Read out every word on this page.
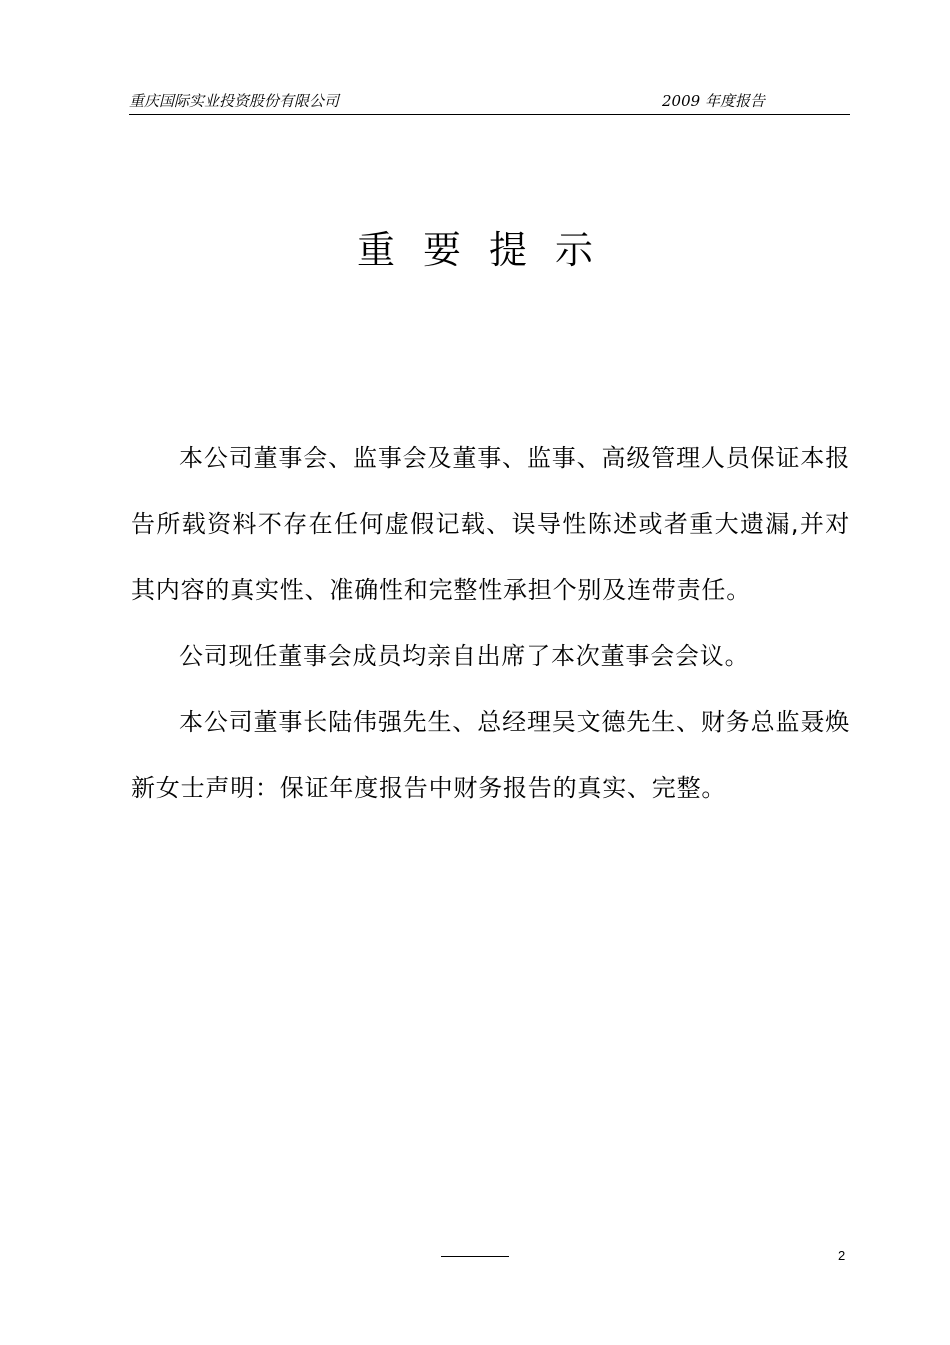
重庆国际实业投资股份有限公司	2009 年度报告
重要提示

本公司董事会、监事会及董事、监事、高级管理人员保证本报告所载资料不存在任何虚假记载、误导性陈述或者重大遗漏,并对其内容的真实性、准确性和完整性承担个别及连带责任。

公司现任董事会成员均亲自出席了本次董事会会议。

本公司董事长陆伟强先生、总经理吴文德先生、财务总监聂焕新女士声明：保证年度报告中财务报告的真实、完整。

2
